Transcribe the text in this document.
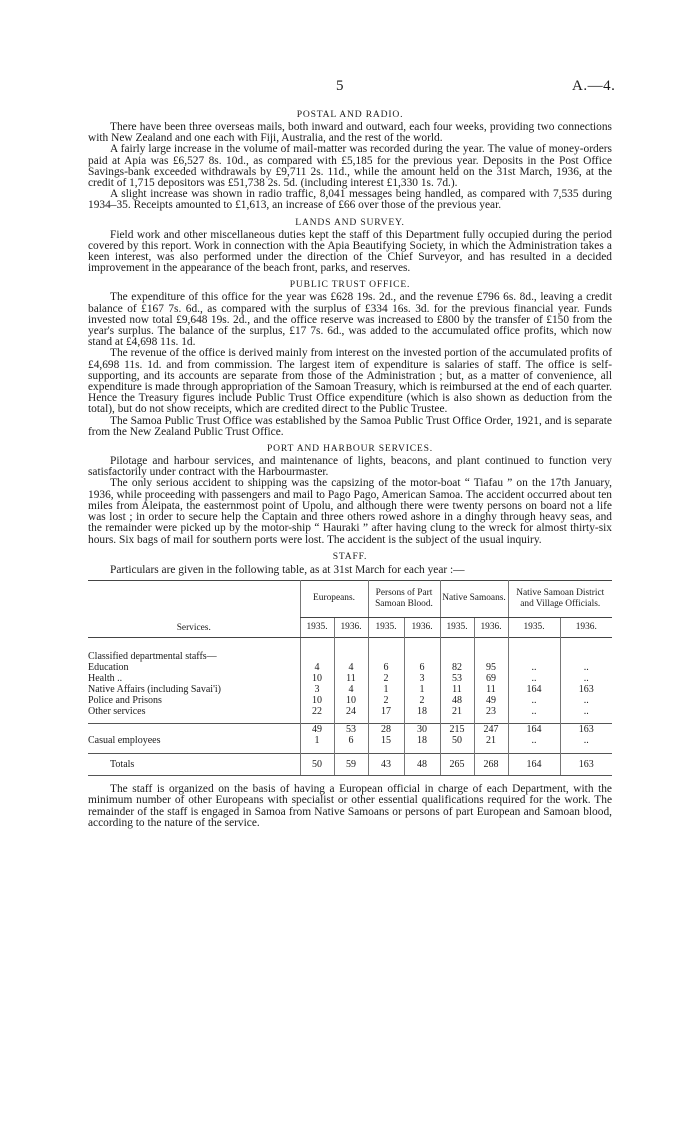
5	A.—4.
POSTAL AND RADIO.

There have been three overseas mails, both inward and outward, each four weeks, providing two connections with New Zealand and one each with Fiji, Australia, and the rest of the world.

A fairly large increase in the volume of mail-matter was recorded during the year. The value of money-orders paid at Apia was £6,527 8s. 10d., as compared with £5,185 for the previous year. Deposits in the Post Office Savings-bank exceeded withdrawals by £9,711 2s. 11d., while the amount held on the 31st March, 1936, at the credit of 1,715 depositors was £51,738 2s. 5d. (including interest £1,330 1s. 7d.).

A slight increase was shown in radio traffic, 8,041 messages being handled, as compared with 7,535 during 1934–35. Receipts amounted to £1,613, an increase of £66 over those of the previous year.

LANDS AND SURVEY.

Field work and other miscellaneous duties kept the staff of this Department fully occupied during the period covered by this report. Work in connection with the Apia Beautifying Society, in which the Administration takes a keen interest, was also performed under the direction of the Chief Surveyor, and has resulted in a decided improvement in the appearance of the beach front, parks, and reserves.

PUBLIC TRUST OFFICE.

The expenditure of this office for the year was £628 19s. 2d., and the revenue £796 6s. 8d., leaving a credit balance of £167 7s. 6d., as compared with the surplus of £334 16s. 3d. for the previous financial year. Funds invested now total £9,648 19s. 2d., and the office reserve was increased to £800 by the transfer of £150 from the year's surplus. The balance of the surplus, £17 7s. 6d., was added to the accumulated office profits, which now stand at £4,698 11s. 1d.

The revenue of the office is derived mainly from interest on the invested portion of the accumulated profits of £4,698 11s. 1d. and from commission. The largest item of expenditure is salaries of staff. The office is self-supporting, and its accounts are separate from those of the Administration ; but, as a matter of convenience, all expenditure is made through appropriation of the Samoan Treasury, which is reimbursed at the end of each quarter. Hence the Treasury figures include Public Trust Office expenditure (which is also shown as deduction from the total), but do not show receipts, which are credited direct to the Public Trustee.

The Samoa Public Trust Office was established by the Samoa Public Trust Office Order, 1921, and is separate from the New Zealand Public Trust Office.

PORT AND HARBOUR SERVICES.

Pilotage and harbour services, and maintenance of lights, beacons, and plant continued to function very satisfactorily under contract with the Harbourmaster.

The only serious accident to shipping was the capsizing of the motor-boat “ Tiafau ” on the 17th January, 1936, while proceeding with passengers and mail to Pago Pago, American Samoa. The accident occurred about ten miles from Aleipata, the easternmost point of Upolu, and although there were twenty persons on board not a life was lost ; in order to secure help the Captain and three others rowed ashore in a dinghy through heavy seas, and the remainder were picked up by the motor-ship “ Hauraki ” after having clung to the wreck for almost thirty-six hours. Six bags of mail for southern ports were lost. The accident is the subject of the usual inquiry.

STAFF.
Particulars are given in the following table, as at 31st March for each year :—
Services.	Europeans.		Persons of Part Samoan Blood.		Native Samoans.		Native Samoan District and Village Officials.	
	1935.	1936.	1935.	1936.	1935.	1936.	1935.	1936.

Classified departmental staffs—								
Education	4	4	6	6	82	95	..	..
Health ..	10	11	2	3	53	69	..	..
Native Affairs (including Savai'i)	3	4	1	1	11	11	164	163
Police and Prisons	10	10	2	2	48	49	..	..
Other services	22	24	17	18	21	23	..	..

	49	53	28	30	215	247	164	163
Casual employees	1	6	15	18	50	21	..	..

Totals	50	59	43	48	265	268	164	163

The staff is organized on the basis of having a European official in charge of each Department, with the minimum number of other Europeans with specialist or other essential qualifications required for the work. The remainder of the staff is engaged in Samoa from Native Samoans or persons of part European and Samoan blood, according to the nature of the service.
